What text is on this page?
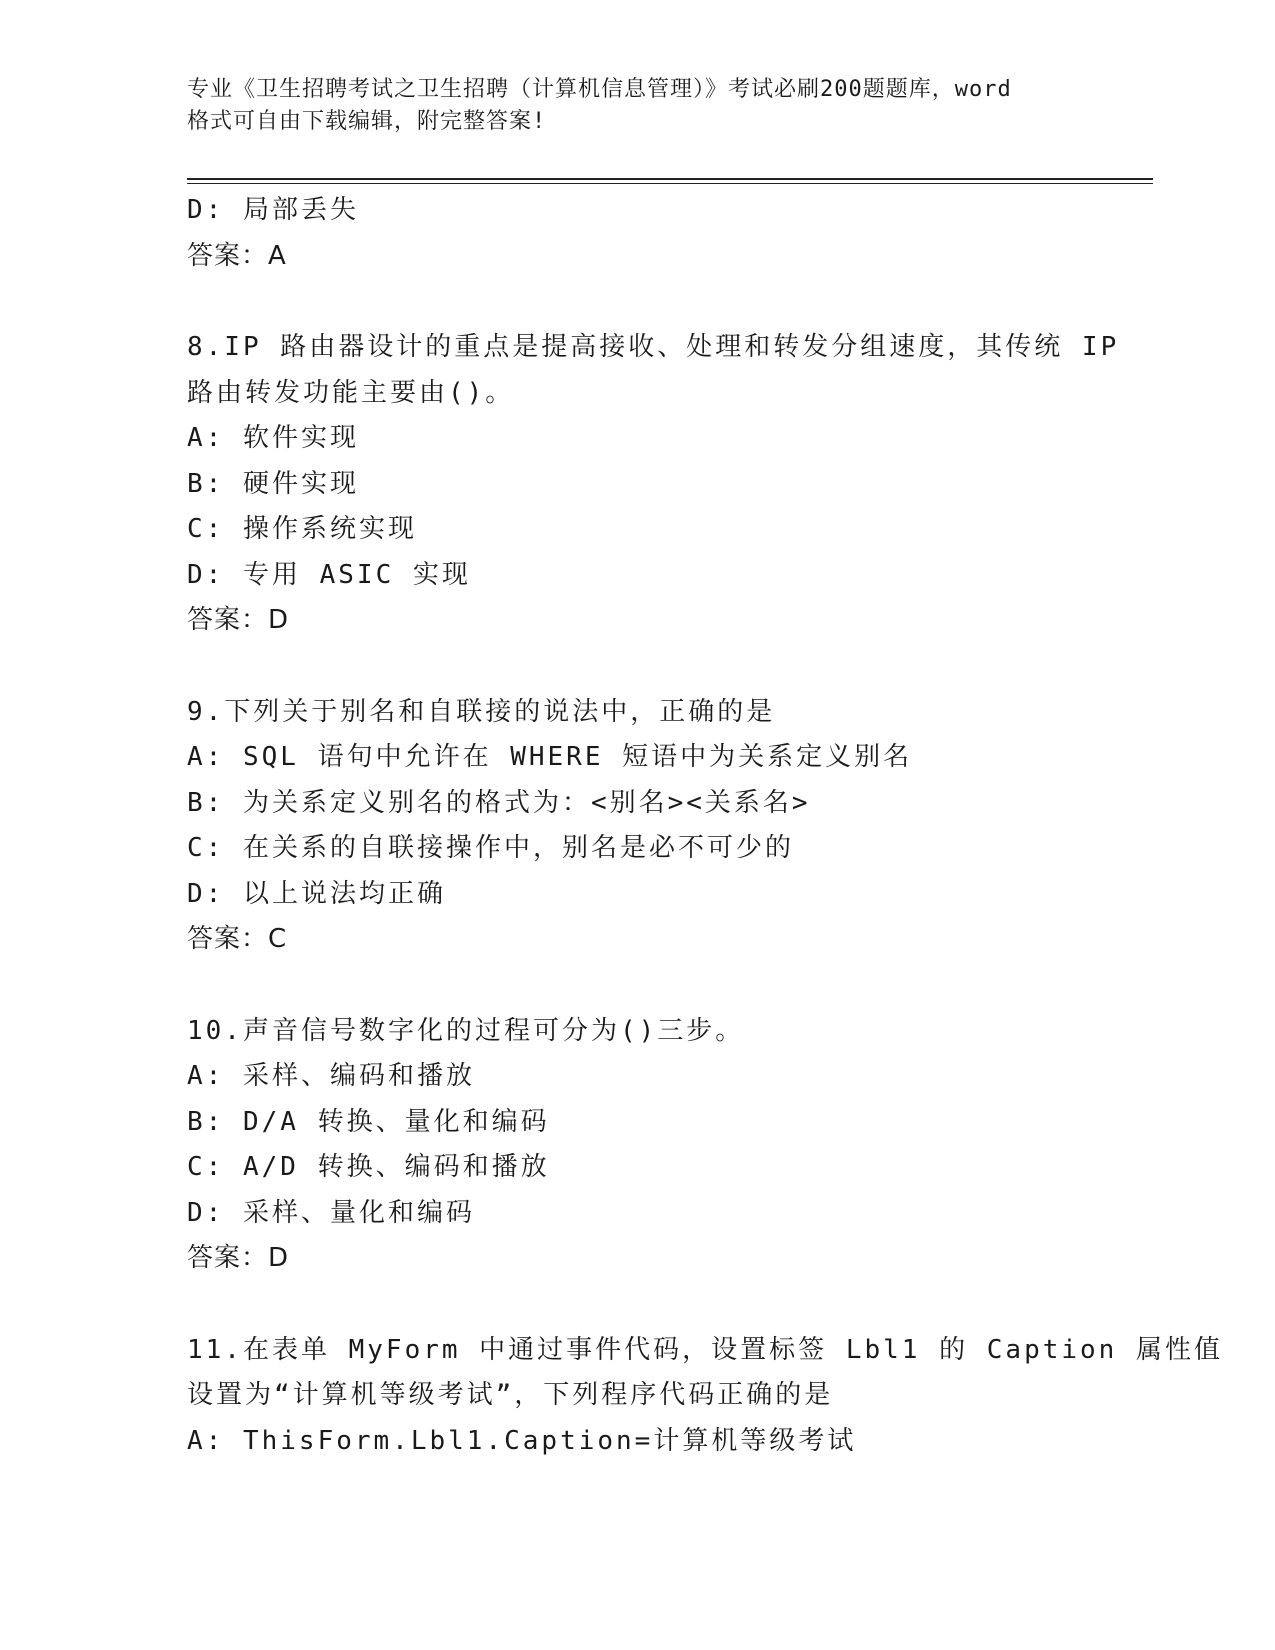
专业《卫生招聘考试之卫生招聘（计算机信息管理）》考试必刷200题题库，word
格式可自由下载编辑，附完整答案!
D: 局部丢失
答案：A
8.IP 路由器设计的重点是提高接收、处理和转发分组速度，其传统 IP
路由转发功能主要由()。
A: 软件实现
B: 硬件实现
C: 操作系统实现
D: 专用 ASIC 实现
答案：D
9.下列关于别名和自联接的说法中，正确的是
A: SQL 语句中允许在 WHERE 短语中为关系定义别名
B: 为关系定义别名的格式为：<别名><关系名>
C: 在关系的自联接操作中，别名是必不可少的
D: 以上说法均正确
答案：C
10.声音信号数字化的过程可分为()三步。
A: 采样、编码和播放
B: D/A 转换、量化和编码
C: A/D 转换、编码和播放
D: 采样、量化和编码
答案：D
11.在表单 MyForm 中通过事件代码，设置标签 Lbl1 的 Caption 属性值
设置为“计算机等级考试”，下列程序代码正确的是
A: ThisForm.Lbl1.Caption=计算机等级考试
